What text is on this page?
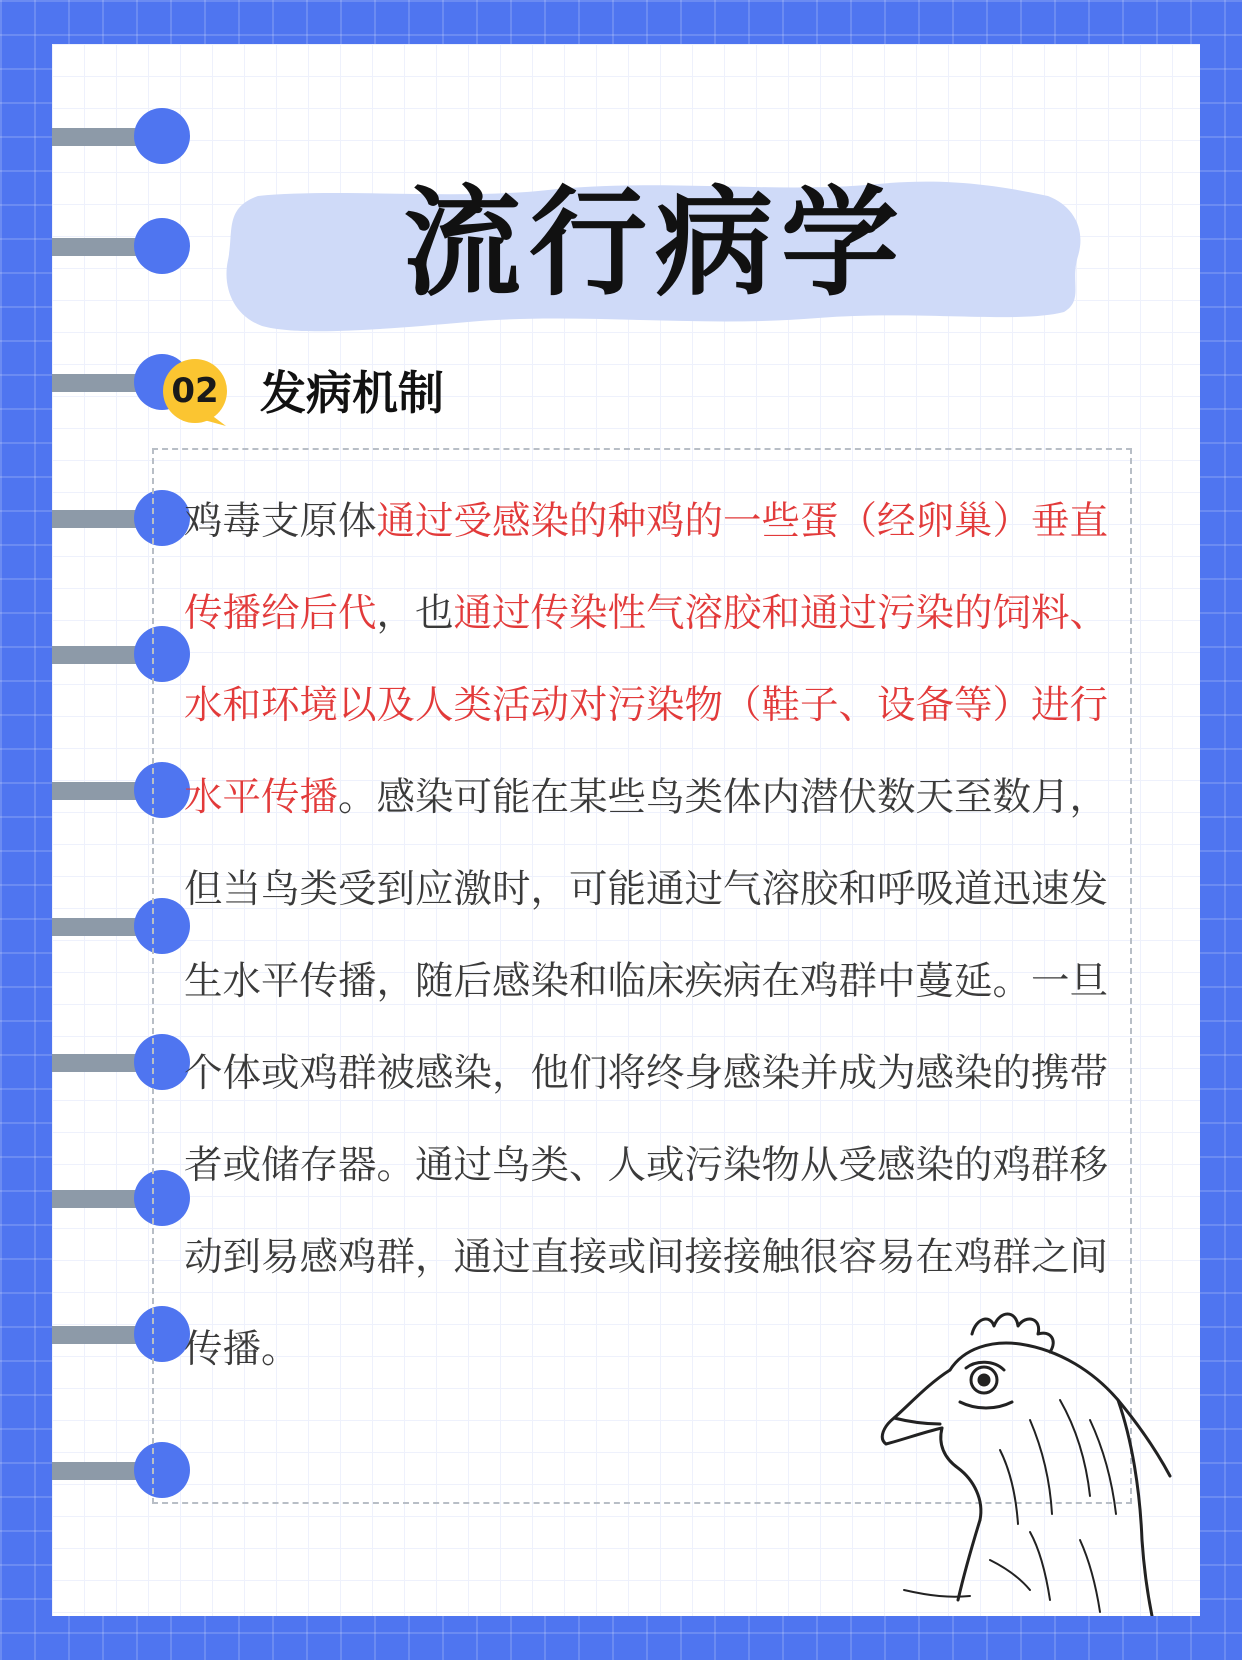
流行病学
02 发病机制

鸡毒支原体通过受感染的种鸡的一些蛋（经卵巢）垂直传播给后代，也通过传染性气溶胶和通过污染的饲料、水和环境以及人类活动对污染物（鞋子、设备等）进行水平传播。感染可能在某些鸟类体内潜伏数天至数月，但当鸟类受到应激时，可能通过气溶胶和呼吸道迅速发生水平传播，随后感染和临床疾病在鸡群中蔓延。一旦个体或鸡群被感染，他们将终身感染并成为感染的携带者或储存器。通过鸟类、人或污染物从受感染的鸡群移动到易感鸡群，通过直接或间接接触很容易在鸡群之间传播。
